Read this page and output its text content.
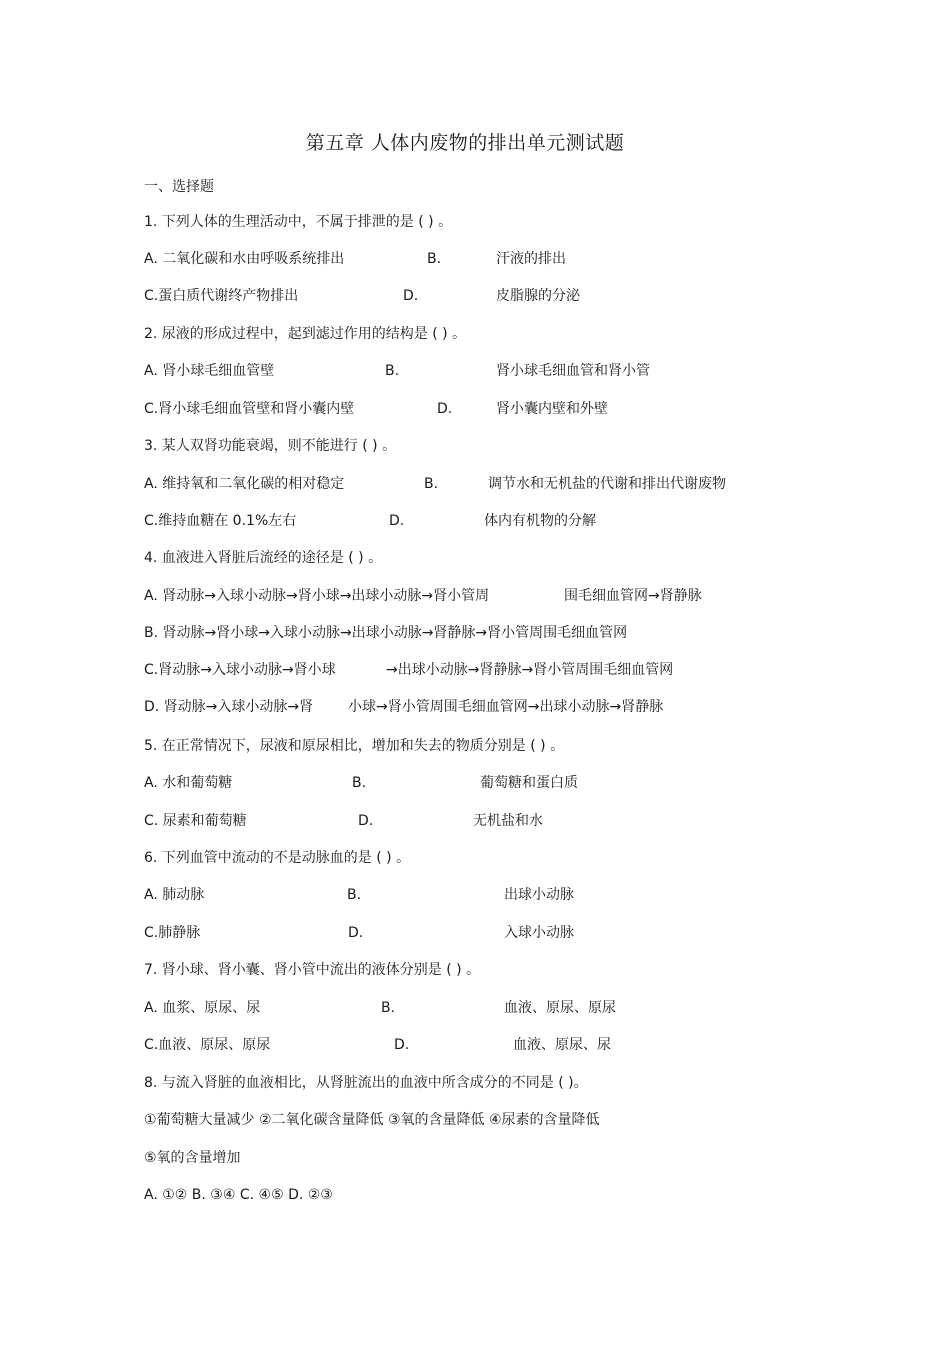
第五章 人体内废物的排出单元测试题
一、选择题
1. 下列人体的生理活动中，不属于排泄的是 ( ) 。
A. 二氧化碳和水由呼吸系统排出	B.	汗液的排出
C.蛋白质代谢终产物排出	D.	皮脂腺的分泌
2. 尿液的形成过程中，起到滤过作用的结构是 ( ) 。
A. 肾小球毛细血管壁	B.	肾小球毛细血管和肾小管
C.肾小球毛细血管壁和肾小囊内壁	D.	肾小囊内壁和外壁
3. 某人双肾功能衰竭，则不能进行 ( ) 。
A. 维持氧和二氧化碳的相对稳定	B.	调节水和无机盐的代谢和排出代谢废物
C.维持血糖在 0.1%左右	D.	体内有机物的分解
4. 血液进入肾脏后流经的途径是 ( ) 。
A. 肾动脉→入球小动脉→肾小球→出球小动脉→肾小管周	围毛细血管网→肾静脉
B. 肾动脉→肾小球→入球小动脉→出球小动脉→肾静脉→肾小管周围毛细血管网
C.肾动脉→入球小动脉→肾小球	→出球小动脉→肾静脉→肾小管周围毛细血管网
D. 肾动脉→入球小动脉→肾 小球→肾小管周围毛细血管网→出球小动脉→肾静脉
5. 在正常情况下，尿液和原尿相比，增加和失去的物质分别是 ( ) 。
A. 水和葡萄糖	B.	葡萄糖和蛋白质
C. 尿素和葡萄糖	D.	无机盐和水
6. 下列血管中流动的不是动脉血的是 ( ) 。
A. 肺动脉	B.	出球小动脉
C.肺静脉	D.	入球小动脉
7. 肾小球、肾小囊、肾小管中流出的液体分别是 ( ) 。
A. 血浆、原尿、尿	B.	血液、原尿、原尿
C.血液、原尿、原尿	D.	血液、原尿、尿
8. 与流入肾脏的血液相比，从肾脏流出的血液中所含成分的不同是 ( )。
①葡萄糖大量减少 ②二氧化碳含量降低 ③氧的含量降低 ④尿素的含量降低
⑤氧的含量增加
A. ①② B. ③④ C. ④⑤ D. ②③
